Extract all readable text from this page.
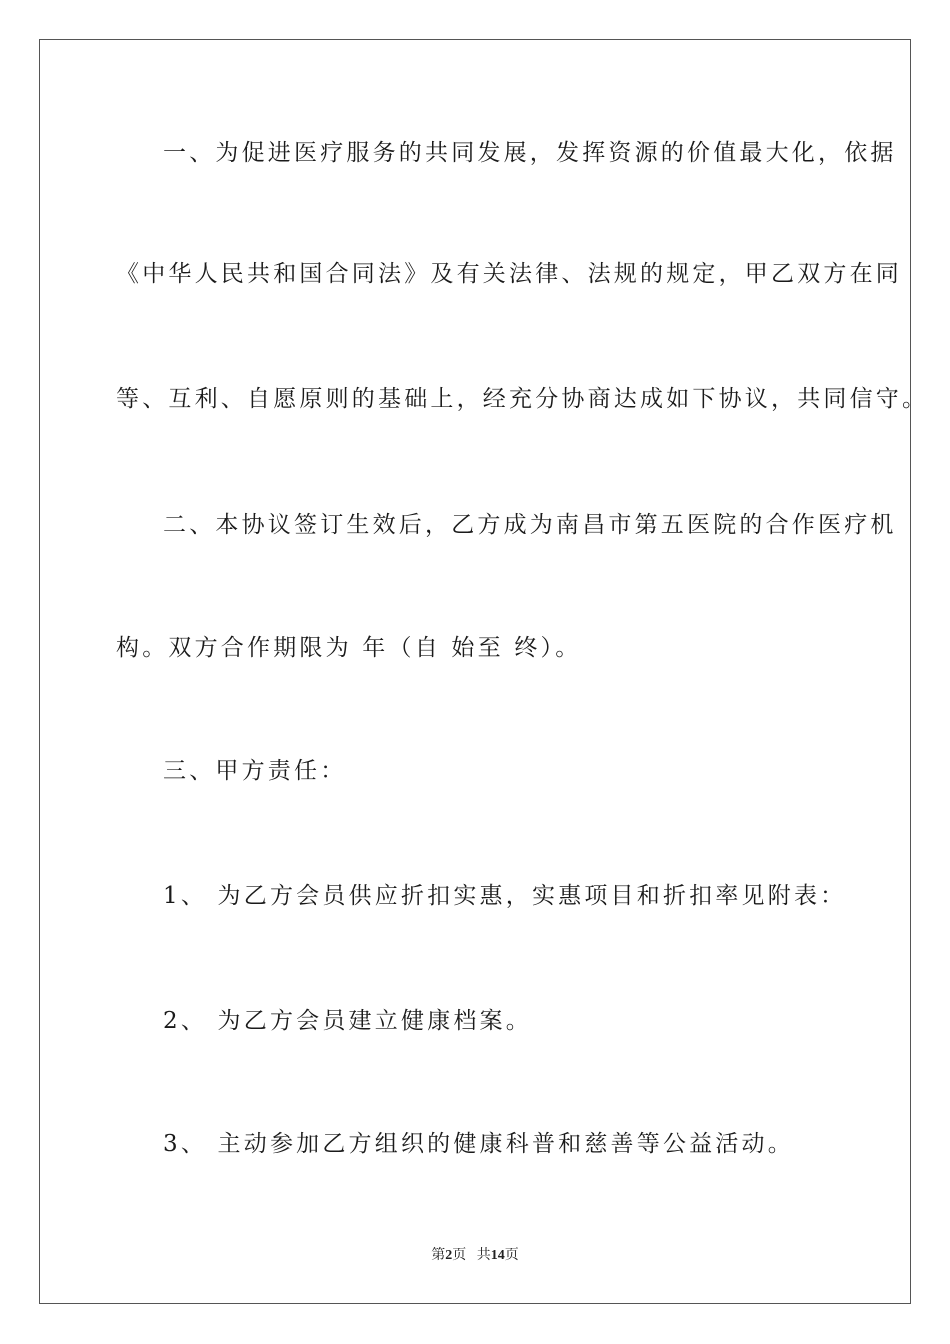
一、为促进医疗服务的共同发展，发挥资源的价值最大化，依据
《中华人民共和国合同法》及有关法律、法规的规定，甲乙双方在同
等、互利、自愿原则的基础上，经充分协商达成如下协议，共同信守。
二、本协议签订生效后，乙方成为南昌市第五医院的合作医疗机
构。双方合作期限为 年（自 始至 终）。
三、甲方责任：
1、 为乙方会员供应折扣实惠，实惠项目和折扣率见附表：
2、 为乙方会员建立健康档案。
3、 主动参加乙方组织的健康科普和慈善等公益活动。
第2页 共14页
